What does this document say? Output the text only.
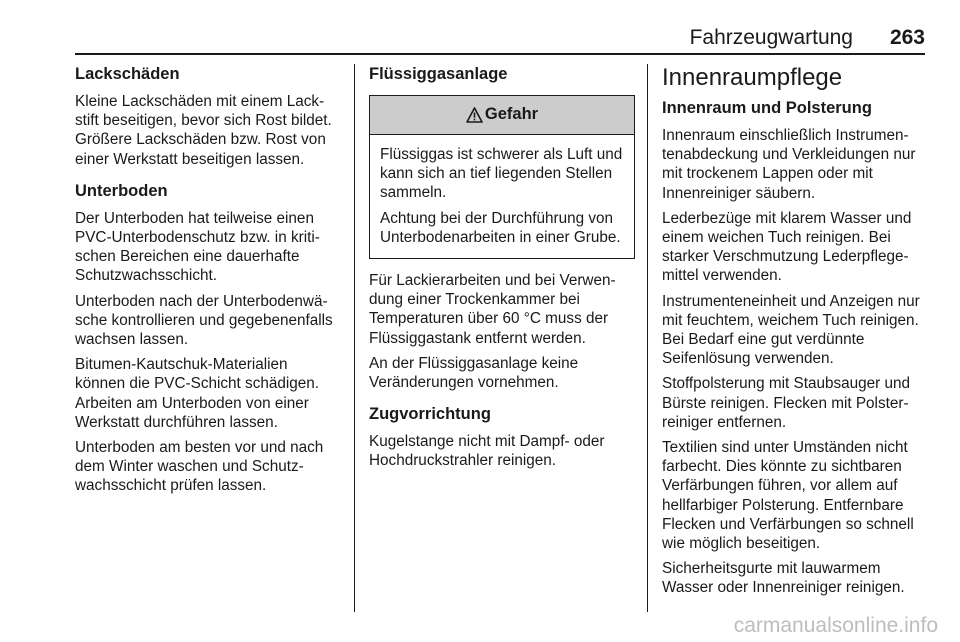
Fahrzeugwartung 263
Lackschäden

Kleine Lackschäden mit einem Lackstift beseitigen, bevor sich Rost bildet. Größere Lackschäden bzw. Rost von einer Werkstatt beseitigen lassen.

Unterboden

Der Unterboden hat teilweise einen PVC-Unterbodenschutz bzw. in kritischen Bereichen eine dauerhafte Schutzwachsschicht.

Unterboden nach der Unterbodenwäsche kontrollieren und gegebenenfalls wachsen lassen.

Bitumen-Kautschuk-Materialien können die PVC-Schicht schädigen. Arbeiten am Unterboden von einer Werkstatt durchführen lassen.

Unterboden am besten vor und nach dem Winter waschen und Schutzwachsschicht prüfen lassen.

Flüssiggasanlage
Gefahr

Flüssiggas ist schwerer als Luft und kann sich an tief liegenden Stellen sammeln.

Achtung bei der Durchführung von Unterbodenarbeiten in einer Grube.

Für Lackierarbeiten und bei Verwendung einer Trockenkammer bei Temperaturen über 60 °C muss der Flüssiggastank entfernt werden.

An der Flüssiggasanlage keine Veränderungen vornehmen.

Zugvorrichtung

Kugelstange nicht mit Dampf- oder Hochdruckstrahler reinigen.

Innenraumpflege
Innenraum und Polsterung

Innenraum einschließlich Instrumentenabdeckung und Verkleidungen nur mit trockenem Lappen oder mit Innenreiniger säubern.

Lederbezüge mit klarem Wasser und einem weichen Tuch reinigen. Bei starker Verschmutzung Lederpflegemittel verwenden.

Instrumenteneinheit und Anzeigen nur mit feuchtem, weichem Tuch reinigen. Bei Bedarf eine gut verdünnte Seifenlösung verwenden.

Stoffpolsterung mit Staubsauger und Bürste reinigen. Flecken mit Polsterreiniger entfernen.

Textilien sind unter Umständen nicht farbecht. Dies könnte zu sichtbaren Verfärbungen führen, vor allem auf hellfarbiger Polsterung. Entfernbare Flecken und Verfärbungen so schnell wie möglich beseitigen.

Sicherheitsgurte mit lauwarmem Wasser oder Innenreiniger reinigen.

carmanualsonline.info
